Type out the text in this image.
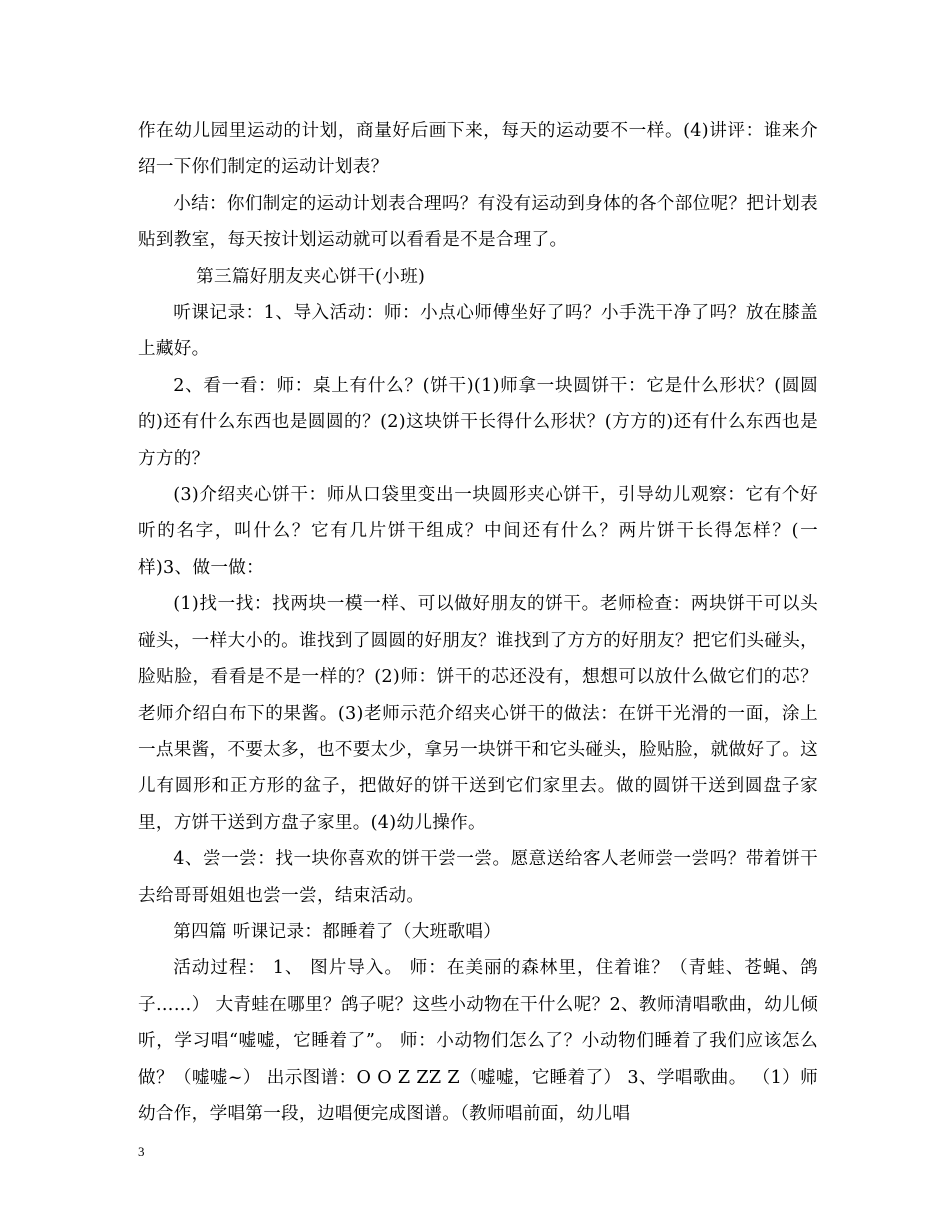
作在幼儿园里运动的计划，商量好后画下来，每天的运动要不一样。(4)讲评：谁来介绍一下你们制定的运动计划表？

小结：你们制定的运动计划表合理吗？有没有运动到身体的各个部位呢？把计划表贴到教室，每天按计划运动就可以看看是不是合理了。

第三篇好朋友夹心饼干(小班)

听课记录：1、导入活动：师：小点心师傅坐好了吗？小手洗干净了吗？放在膝盖上藏好。

2、看一看：师：桌上有什么？(饼干)(1)师拿一块圆饼干：它是什么形状？(圆圆的)还有什么东西也是圆圆的？(2)这块饼干长得什么形状？(方方的)还有什么东西也是方方的？

(3)介绍夹心饼干：师从口袋里变出一块圆形夹心饼干，引导幼儿观察：它有个好听的名字，叫什么？它有几片饼干组成？中间还有什么？两片饼干长得怎样？(一样)3、做一做：

(1)找一找：找两块一模一样、可以做好朋友的饼干。老师检查：两块饼干可以头碰头，一样大小的。谁找到了圆圆的好朋友？谁找到了方方的好朋友？把它们头碰头，脸贴脸，看看是不是一样的？(2)师：饼干的芯还没有，想想可以放什么做它们的芯？老师介绍白布下的果酱。(3)老师示范介绍夹心饼干的做法：在饼干光滑的一面，涂上一点果酱，不要太多，也不要太少，拿另一块饼干和它头碰头，脸贴脸，就做好了。这儿有圆形和正方形的盆子，把做好的饼干送到它们家里去。做的圆饼干送到圆盘子家里，方饼干送到方盘子家里。(4)幼儿操作。

4、尝一尝：找一块你喜欢的饼干尝一尝。愿意送给客人老师尝一尝吗？带着饼干去给哥哥姐姐也尝一尝，结束活动。

第四篇 听课记录：都睡着了（大班歌唱）

活动过程： 1、 图片导入。 师：在美丽的森林里，住着谁？（青蛙、苍蝇、鸽子……） 大青蛙在哪里？鸽子呢？这些小动物在干什么呢？2、教师清唱歌曲，幼儿倾听，学习唱“嘘嘘，它睡着了”。 师：小动物们怎么了？小动物们睡着了我们应该怎么做？（嘘嘘~） 出示图谱：O O Z ZZ Z（嘘嘘，它睡着了） 3、学唱歌曲。 （1）师幼合作，学唱第一段，边唱便完成图谱。（教师唱前面，幼儿唱

3
